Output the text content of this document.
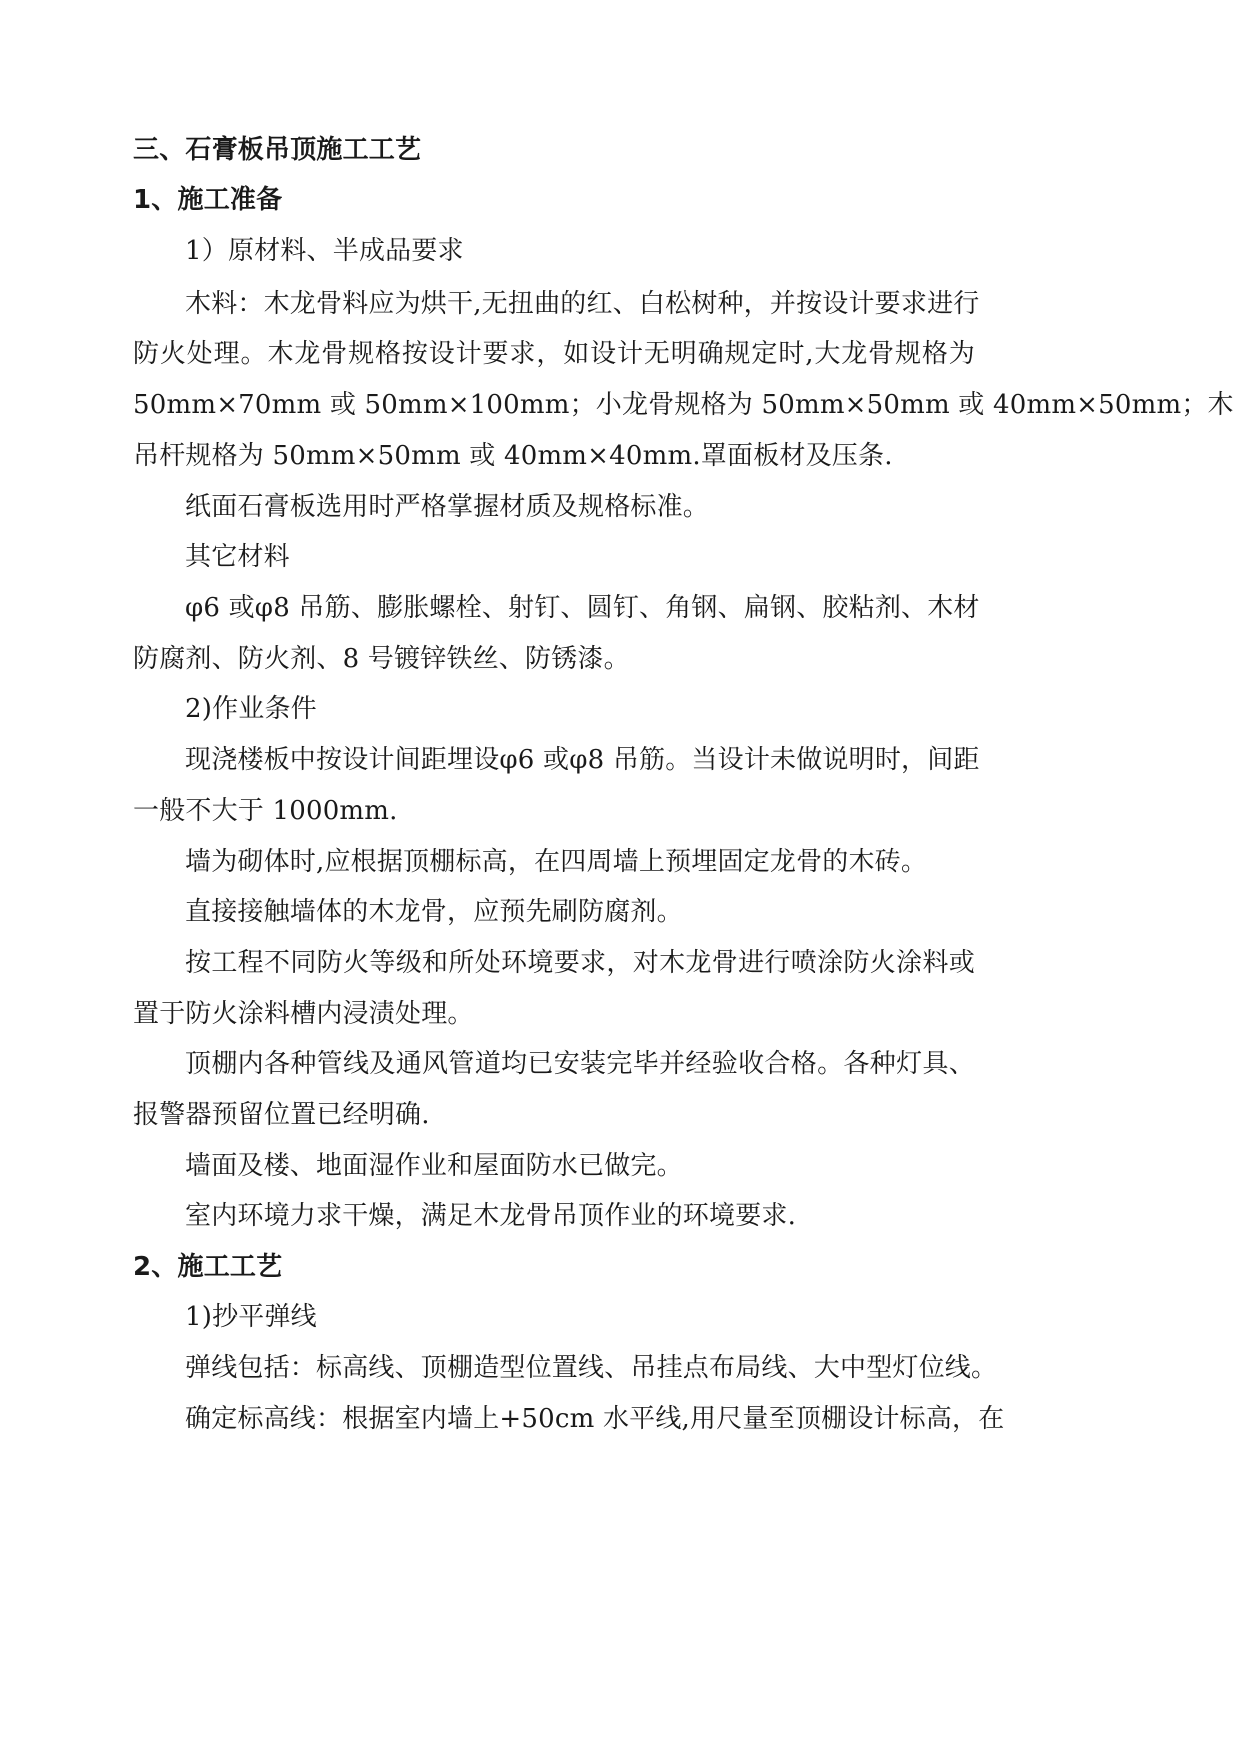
三、石膏板吊顶施工工艺
1、施工准备
1）原材料、半成品要求
木料：木龙骨料应为烘干,无扭曲的红、白松树种，并按设计要求进行
防火处理。木龙骨规格按设计要求，如设计无明确规定时,大龙骨规格为
50mm×70mm 或 50mm×100mm；小龙骨规格为 50mm×50mm 或 40mm×50mm；木
吊杆规格为 50mm×50mm 或 40mm×40mm.罩面板材及压条.
纸面石膏板选用时严格掌握材质及规格标准。
其它材料
φ6 或φ8 吊筋、膨胀螺栓、射钉、圆钉、角钢、扁钢、胶粘剂、木材
防腐剂、防火剂、8 号镀锌铁丝、防锈漆。
2)作业条件
现浇楼板中按设计间距埋设φ6 或φ8 吊筋。当设计未做说明时，间距
一般不大于 1000mm.
墙为砌体时,应根据顶棚标高，在四周墙上预埋固定龙骨的木砖。
直接接触墙体的木龙骨，应预先刷防腐剂。
按工程不同防火等级和所处环境要求，对木龙骨进行喷涂防火涂料或
置于防火涂料槽内浸渍处理。
顶棚内各种管线及通风管道均已安装完毕并经验收合格。各种灯具、
报警器预留位置已经明确.
墙面及楼、地面湿作业和屋面防水已做完。
室内环境力求干燥，满足木龙骨吊顶作业的环境要求.
2、施工工艺
1)抄平弹线
弹线包括：标高线、顶棚造型位置线、吊挂点布局线、大中型灯位线。
确定标高线：根据室内墙上+50cm 水平线,用尺量至顶棚设计标高，在
